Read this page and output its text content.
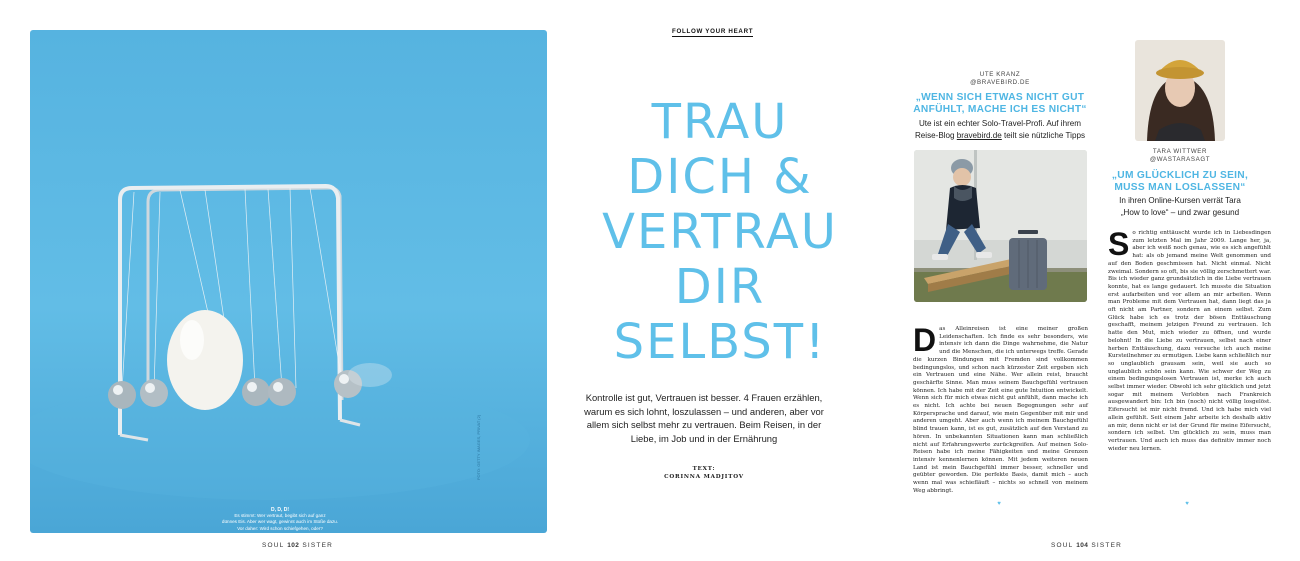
D, D, D!
Es stimmt: Wer vertraut, begibt sich auf ganz
dünnes Eis. Aber wer wagt, gewinnt auch im Stoße dazu.
Vor daher: Wird schon schiefgehen, oder?
FOTO: GETTY IMAGES, PRIVAT (2)
SOUL 102 SISTER
FOLLOW YOUR HEART
TRAU
DICH &
VERTRAU
DIR
SELBST!
Kontrolle ist gut, Vertrauen ist besser. 4 Frauen erzählen, warum es sich lohnt, loszulassen – und anderen, aber vor allem sich selbst mehr zu vertrauen. Beim Reisen, in der Liebe, im Job und in der Ernährung
TEXT:
CORINNA MADJITOV
UTE KRANZ
@BRAVEBIRD.DE
„WENN SICH ETWAS NICHT GUT
ANFÜHLT, MACHE ICH ES NICHT“
Ute ist ein echter Solo-Travel-Profi. Auf ihrem
Reise-Blog bravebird.de teilt sie nützliche Tipps
Das Alleinreisen ist eine meiner großen Leidenschaften. Ich finde es sehr besonders, wie intensiv ich dann die Dinge wahrnehme, die Natur und die Menschen, die ich unterwegs treffe. Gerade die kurzen Bindungen mit Fremden sind vollkommen bedingungslos, und schon nach kürzester Zeit ergeben sich ein Vertrauen und eine Nähe. Wer allein reist, braucht geschärfte Sinne. Man muss seinem Bauchgefühl vertrauen können. Ich habe mit der Zeit eine gute Intuition entwickelt. Wenn sich für mich etwas nicht gut anfühlt, dann mache ich es nicht. Ich achte bei neuen Begegnungen sehr auf Körpersprache und darauf, wie mein Gegenüber mit mir und anderen umgeht. Aber auch wenn ich meinem Bauchgefühl blind trauen kann, ist es gut, zusätzlich auf den Verstand zu hören. In unbekannten Situationen kann man schließlich nicht auf Erfahrungswerte zurückgreifen. Auf meinen Solo-Reisen habe ich meine Fähigkeiten und meine Grenzen intensiv kennenlernen können. Mit jedem weiteren neuen Land ist mein Bauchgefühl immer besser, schneller und geübter geworden. Die perfekte Basis, damit mich – auch wenn mal was schiefläuft – nichts so schnell von meinem Weg abbringt.
♥
TARA WITTWER
@WASTARASAGT
„UM GLÜCKLICH ZU SEIN,
MUSS MAN LOSLASSEN“
In ihren Online-Kursen verrät Tara
„How to love“ – und zwar gesund
So richtig enttäuscht wurde ich in Liebesdingen zum letzten Mal im Jahr 2009. Lange her, ja, aber ich weiß noch genau, wie es sich angefühlt hat: als ob jemand meine Welt genommen und auf den Boden geschmissen hat. Nicht einmal. Nicht zweimal. Sondern so oft, bis sie völlig zerschmettert war. Bis ich wieder ganz grundsätzlich in die Liebe vertrauen konnte, hat es lange gedauert. Ich musste die Situation erst aufarbeiten und vor allem an mir arbeiten. Wenn man Probleme mit dem Vertrauen hat, dann liegt das ja oft nicht am Partner, sondern an einem selbst. Zum Glück habe ich es trotz der bösen Enttäuschung geschafft, meinem jetzigen Freund zu vertrauen. Ich hatte den Mut, mich wieder zu öffnen, und wurde belohnt! In die Liebe zu vertrauen, selbst nach einer herben Enttäuschung, dazu versuche ich auch meine Kursteilnehmer zu ermutigen. Liebe kann schließlich nur so unglaublich grausam sein, weil sie auch so unglaublich schön sein kann. Wie schwer der Weg zu einem bedingungslosen Vertrauen ist, merke ich auch selbst immer wieder. Obwohl ich sehr glücklich und jetzt sogar mit meinem Verlobten nach Frankreich ausgewandert bin: Ich bin (noch) nicht völlig losgelöst. Eifersucht ist mir nicht fremd. Und ich habe mich viel allein gefühlt. Seit einem Jahr arbeite ich deshalb aktiv an mir, denn nicht er ist der Grund für meine Eifersucht, sondern ich selbst. Um glücklich zu sein, muss man vertrauen. Und auch ich muss das definitiv immer noch wieder neu lernen.
♥
SOUL 104 SISTER
